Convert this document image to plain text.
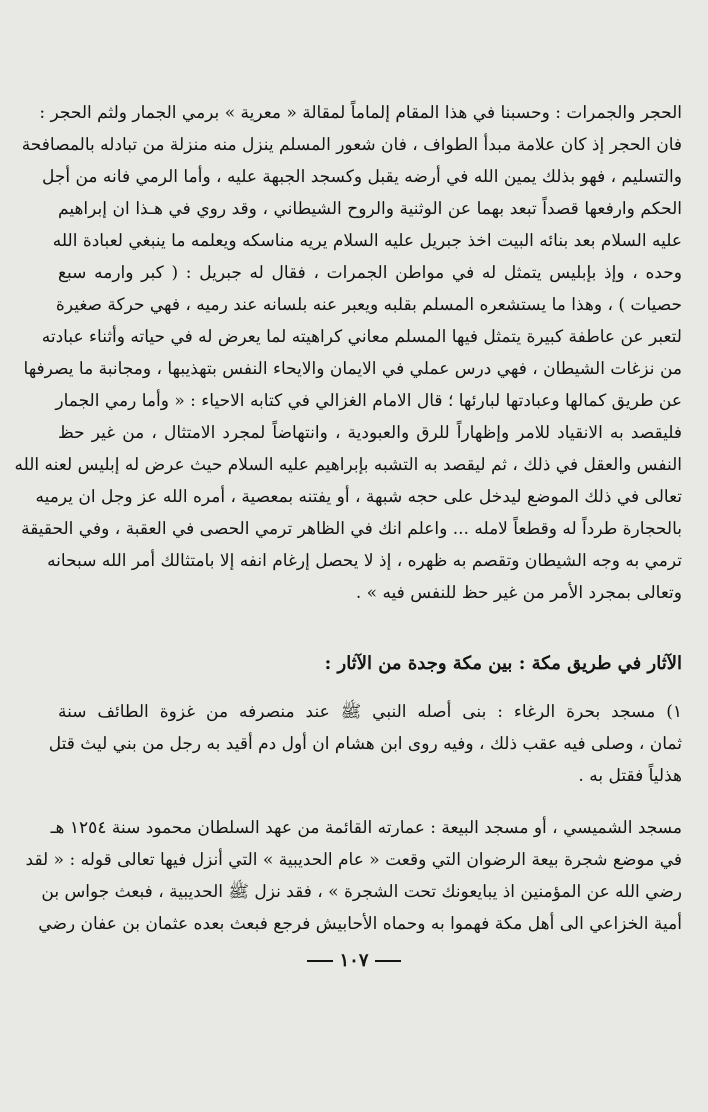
الحجر والجمرات : وحسبنا في هذا المقام إلماماً لمقالة « معرية » برمي الجمار ولثم الحجر :
فان الحجر إذ كان علامة مبدأ الطواف ، فان شعور المسلم ينزل منه منزلة من تبادله بالمصافحة
والتسليم ، فهو بذلك يمين الله في أرضه يقبل وكسجد الجبهة عليه ، وأما الرمي فانه من أجل
الحكم وارفعها قصداً تبعد بهما عن الوثنية والروح الشيطاني ، وقد روي في هـذا ان إبراهيم
عليه السلام بعد بنائه البيت اخذ جبريل عليه السلام يريه مناسكه ويعلمه ما ينبغي لعبادة الله
وحده ، وإذ بإبليس يتمثل له في مواطن الجمرات ، فقال له جبريل : ( كبر وارمه سبع
حصيات ) ، وهذا ما يستشعره المسلم بقلبه ويعبر عنه بلسانه عند رميه ، فهي حركة صغيرة
لتعبر عن عاطفة كبيرة يتمثل فيها المسلم معاني كراهيته لما يعرض له في حياته وأثناء عبادته
من نزغات الشيطان ، فهي درس عملي في الايمان والايحاء النفس بتهذيبها ، ومجانبة ما يصرفها
عن طريق كمالها وعبادتها لبارئها ؛ قال الامام الغزالي في كتابه الاحياء : « وأما رمي الجمار
فليقصد به الانقياد للامر وإظهاراً للرق والعبودية ، وانتهاضاً لمجرد الامتثال ، من غير حظ
النفس والعقل في ذلك ، ثم ليقصد به التشبه بإبراهيم عليه السلام حيث عرض له إبليس لعنه الله
تعالى في ذلك الموضع ليدخل على حجه شبهة ، أو يفتنه بمعصية ، أمره الله عز وجل ان يرميه
بالحجارة طرداً له وقطعاً لامله ... واعلم انك في الظاهر ترمي الحصى في العقبة ، وفي الحقيقة
ترمي به وجه الشيطان وتقصم به ظهره ، إذ لا يحصل إرغام انفه إلا بامتثالك أمر الله سبحانه
وتعالى بمجرد الأمر من غير حظ للنفس فيه » .
الآثار في طريق مكة : بين مكة وجدة من الآثار :
١) مسجد بحرة الرغاء : بنى أصله النبي ﷺ عند منصرفه من غزوة الطائف سنة
ثمان ، وصلى فيه عقب ذلك ، وفيه روى ابن هشام ان أول دم أقيد به رجل من بني ليث قتل
هذلياً فقتل به .
مسجد الشميسي ، أو مسجد البيعة : عمارته القائمة من عهد السلطان محمود سنة ١٢٥٤ هـ
في موضع شجرة بيعة الرضوان التي وقعت « عام الحديبية » التي أنزل فيها تعالى قوله : « لقد
رضي الله عن المؤمنين اذ يبايعونك تحت الشجرة » ، فقد نزل ﷺ الحديبية ، فبعث جواس بن
أمية الخزاعي الى أهل مكة فهموا به وحماه الأحابيش فرجع فبعث بعده عثمان بن عفان رضي
١٠٧
